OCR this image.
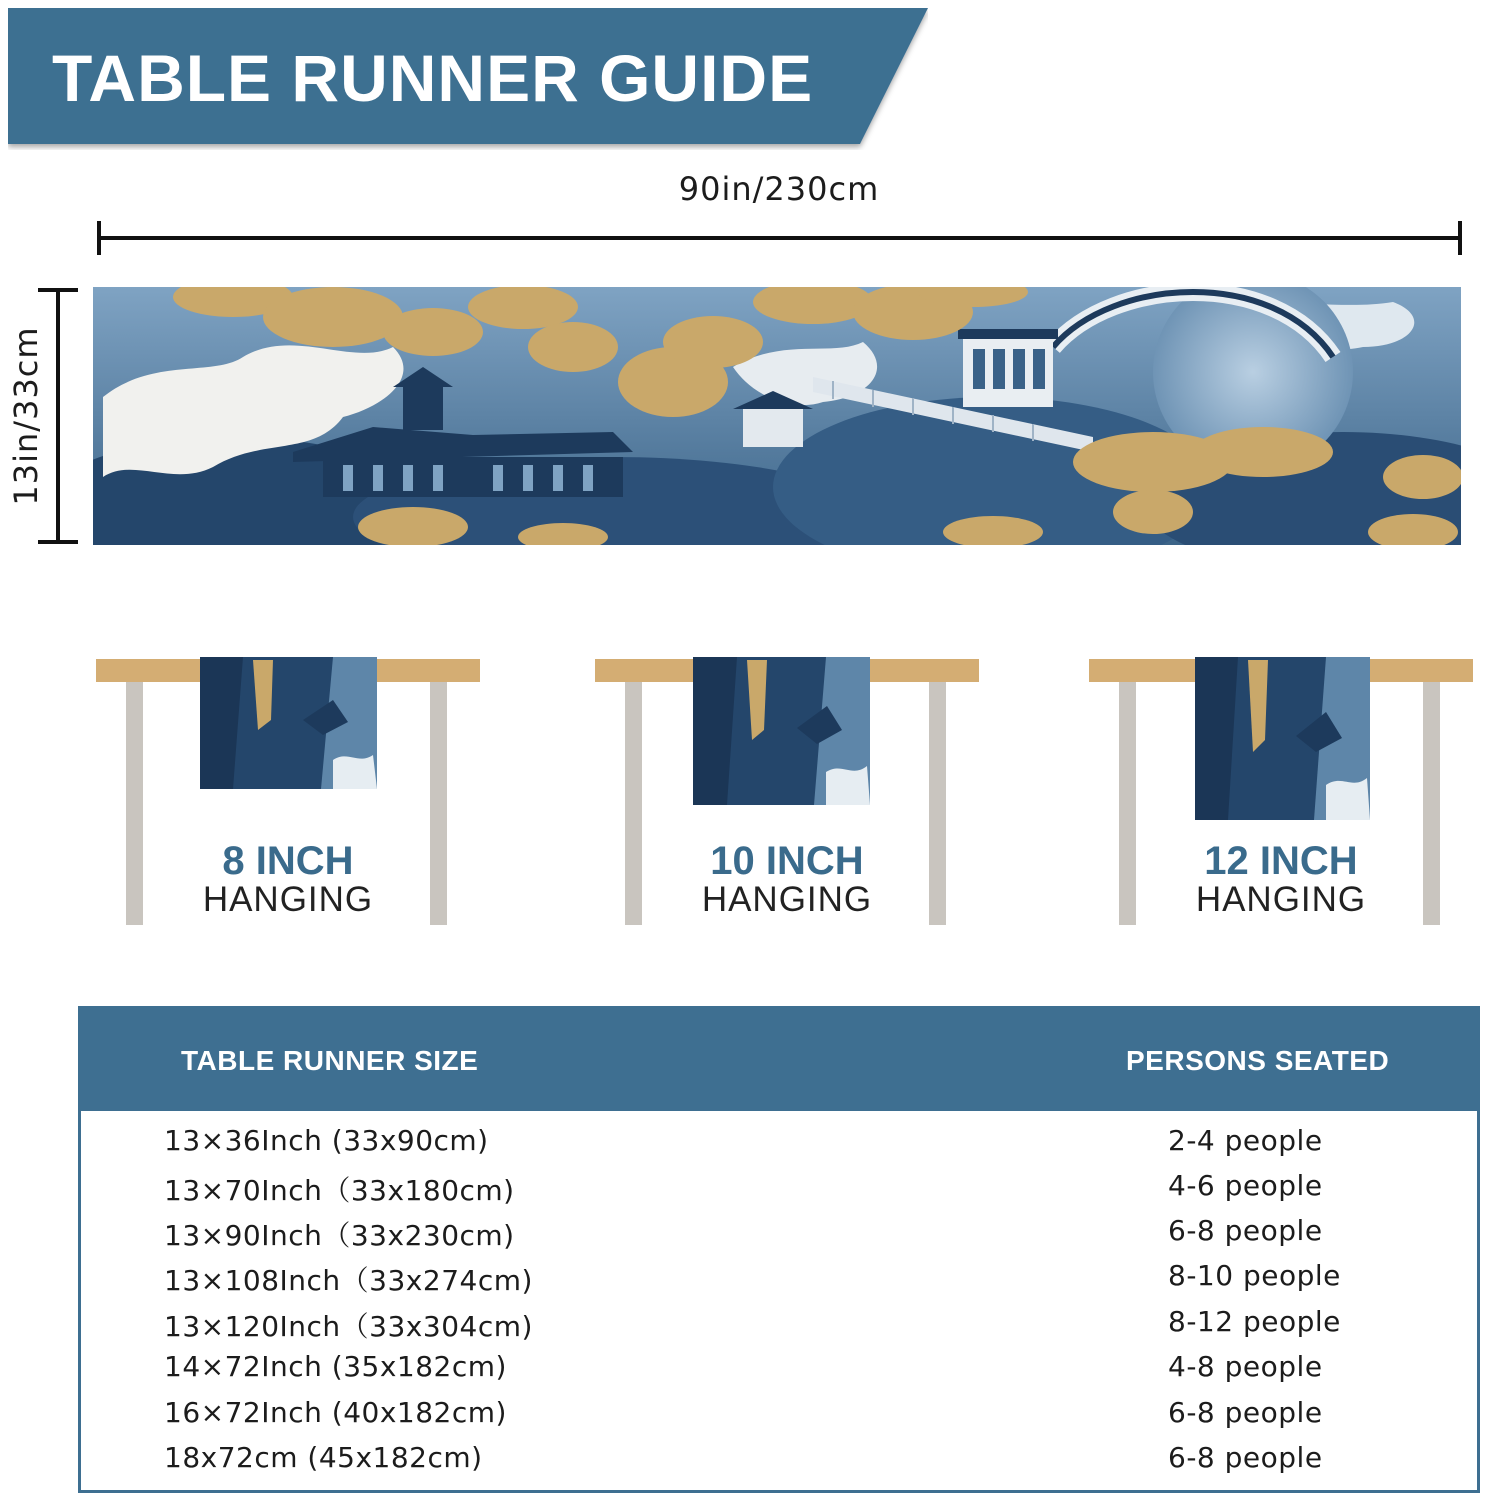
TABLE RUNNER GUIDE
90in/230cm
13in/33cm
8 INCH
HANGING
10 INCH
HANGING
12 INCH
HANGING
TABLE RUNNER SIZE	PERSONS SEATED
13×36Inch (33x90cm)	2-4 people
13×70Inch（33x180cm)	4-6 people
13×90Inch（33x230cm)	6-8 people
13×108Inch（33x274cm)	8-10 people
13×120Inch（33x304cm)	8-12 people
14×72Inch (35x182cm)	4-8 people
16×72Inch (40x182cm)	6-8 people
18x72cm (45x182cm)	6-8 people
